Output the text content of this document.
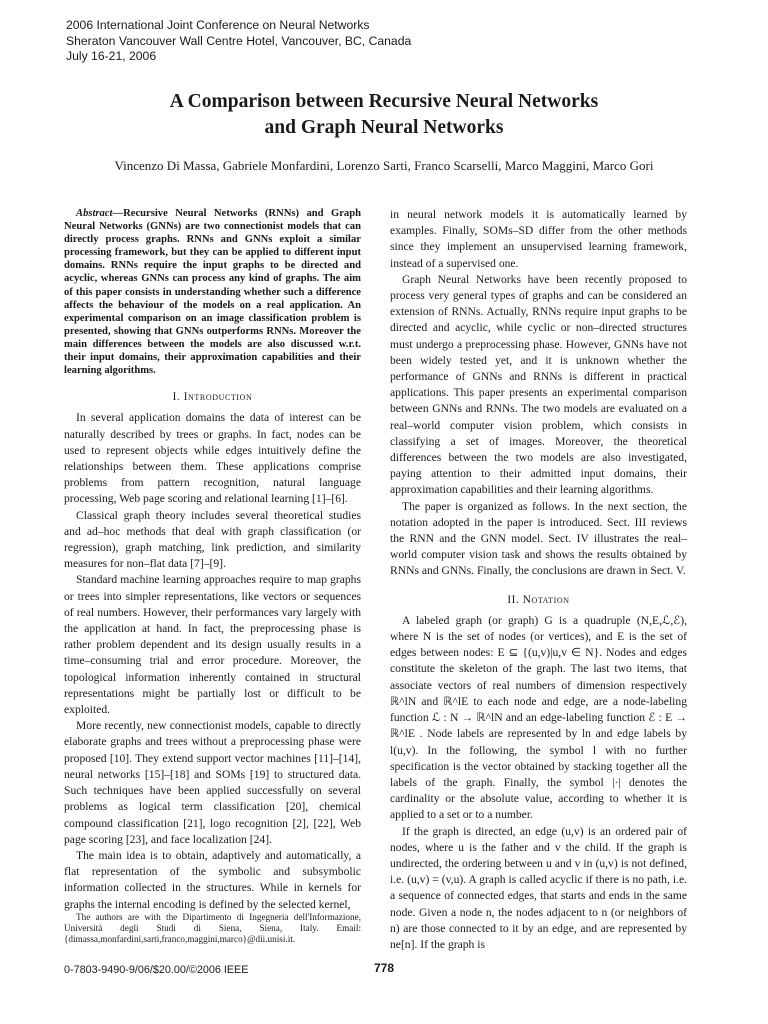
2006 International Joint Conference on Neural Networks
Sheraton Vancouver Wall Centre Hotel, Vancouver, BC, Canada
July 16-21, 2006
A Comparison between Recursive Neural Networks
and Graph Neural Networks
Vincenzo Di Massa, Gabriele Monfardini, Lorenzo Sarti, Franco Scarselli, Marco Maggini, Marco Gori

Abstract—Recursive Neural Networks (RNNs) and Graph Neural Networks (GNNs) are two connectionist models that can directly process graphs. RNNs and GNNs exploit a similar processing framework, but they can be applied to different input domains. RNNs require the input graphs to be directed and acyclic, whereas GNNs can process any kind of graphs. The aim of this paper consists in understanding whether such a difference affects the behaviour of the models on a real application. An experimental comparison on an image classification problem is presented, showing that GNNs outperforms RNNs. Moreover the main differences between the models are also discussed w.r.t. their input domains, their approximation capabilities and their learning algorithms.

I. Introduction

In several application domains the data of interest can be naturally described by trees or graphs. In fact, nodes can be used to represent objects while edges intuitively define the relationships between them. These applications comprise problems from pattern recognition, natural language processing, Web page scoring and relational learning [1]–[6].

Classical graph theory includes several theoretical studies and ad–hoc methods that deal with graph classification (or regression), graph matching, link prediction, and similarity measures for non–flat data [7]–[9].

Standard machine learning approaches require to map graphs or trees into simpler representations, like vectors or sequences of real numbers. However, their performances vary largely with the application at hand. In fact, the preprocessing phase is rather problem dependent and its design usually results in a time–consuming trial and error procedure. Moreover, the topological information inherently contained in structural representations might be partially lost or difficult to be exploited.

More recently, new connectionist models, capable to directly elaborate graphs and trees without a preprocessing phase were proposed [10]. They extend support vector machines [11]–[14], neural networks [15]–[18] and SOMs [19] to structured data. Such techniques have been applied successfully on several problems as logical term classification [20], chemical compound classification [21], logo recognition [2], [22], Web page scoring [23], and face localization [24].

The main idea is to obtain, adaptively and automatically, a flat representation of the symbolic and subsymbolic information collected in the structures. While in kernels for graphs the internal encoding is defined by the selected kernel,

The authors are with the Dipartimento di Ingegneria dell'Informazione, Università degli Studi di Siena, Siena, Italy. Email: {dimassa,monfardini,sarti,franco,maggini,marco}@dii.unisi.it.

in neural network models it is automatically learned by examples. Finally, SOMs–SD differ from the other methods since they implement an unsupervised learning framework, instead of a supervised one.

Graph Neural Networks have been recently proposed to process very general types of graphs and can be considered an extension of RNNs. Actually, RNNs require input graphs to be directed and acyclic, while cyclic or non–directed structures must undergo a preprocessing phase. However, GNNs have not been widely tested yet, and it is unknown whether the performance of GNNs and RNNs is different in practical applications. This paper presents an experimental comparison between GNNs and RNNs. The two models are evaluated on a real–world computer vision problem, which consists in classifying a set of images. Moreover, the theoretical differences between the two models are also investigated, paying attention to their admitted input domains, their approximation capabilities and their learning algorithms.

The paper is organized as follows. In the next section, the notation adopted in the paper is introduced. Sect. III reviews the RNN and the GNN model. Sect. IV illustrates the real–world computer vision task and shows the results obtained by RNNs and GNNs. Finally, the conclusions are drawn in Sect. V.

II. Notation

A labeled graph (or graph) G is a quadruple (N,E,ℒ,ℰ), where N is the set of nodes (or vertices), and E is the set of edges between nodes: E ⊆ {(u,v)|u,v ∈ N}. Nodes and edges constitute the skeleton of the graph. The last two items, that associate vectors of real numbers of dimension respectively ℝ^lN and ℝ^lE to each node and edge, are a node-labeling function ℒ : N → ℝ^lN and an edge-labeling function ℰ : E → ℝ^lE . Node labels are represented by ln and edge labels by l(u,v). In the following, the symbol l with no further specification is the vector obtained by stacking together all the labels of the graph. Finally, the symbol |·| denotes the cardinality or the absolute value, according to whether it is applied to a set or to a number.

If the graph is directed, an edge (u,v) is an ordered pair of nodes, where u is the father and v the child. If the graph is undirected, the ordering between u and v in (u,v) is not defined, i.e. (u,v) = (v,u). A graph is called acyclic if there is no path, i.e. a sequence of connected edges, that starts and ends in the same node. Given a node n, the nodes adjacent to n (or neighbors of n) are those connected to it by an edge, and are represented by ne[n]. If the graph is

0-7803-9490-9/06/$20.00/©2006 IEEE	778
